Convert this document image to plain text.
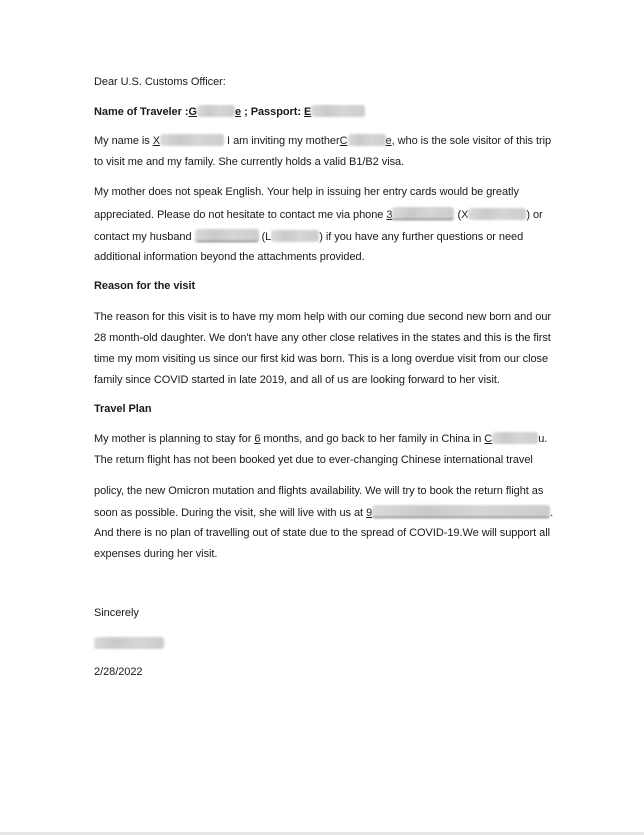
Dear U.S. Customs Officer:
Name of Traveler :G	e ; Passport: E
My name is X	I am inviting my motherC	e, who is the sole visitor of this trip
to visit me and my family. She currently holds a valid B1/B2 visa.
My mother does not speak English. Your help in issuing her entry cards would be greatly
appreciated. Please do not hesitate to contact me via phone 3	(X	) or
contact my husband	(L	) if you have any further questions or need
additional information beyond the attachments provided.
Reason for the visit
The reason for this visit is to have my mom help with our coming due second new born and our
28 month-old daughter. We don't have any other close relatives in the states and this is the first
time my mom visiting us since our first kid was born. This is a long overdue visit from our close
family since COVID started in late 2019, and all of us are looking forward to her visit.
Travel Plan
My mother is planning to stay for 6 months, and go back to her family in China in C	u.
The return flight has not been booked yet due to ever-changing Chinese international travel
policy, the new Omicron mutation and flights availability. We will try to book the return flight as
soon as possible. During the visit, she will live with us at 9	.
And there is no plan of travelling out of state due to the spread of COVID-19.We will support all
expenses during her visit.
Sincerely
2/28/2022
